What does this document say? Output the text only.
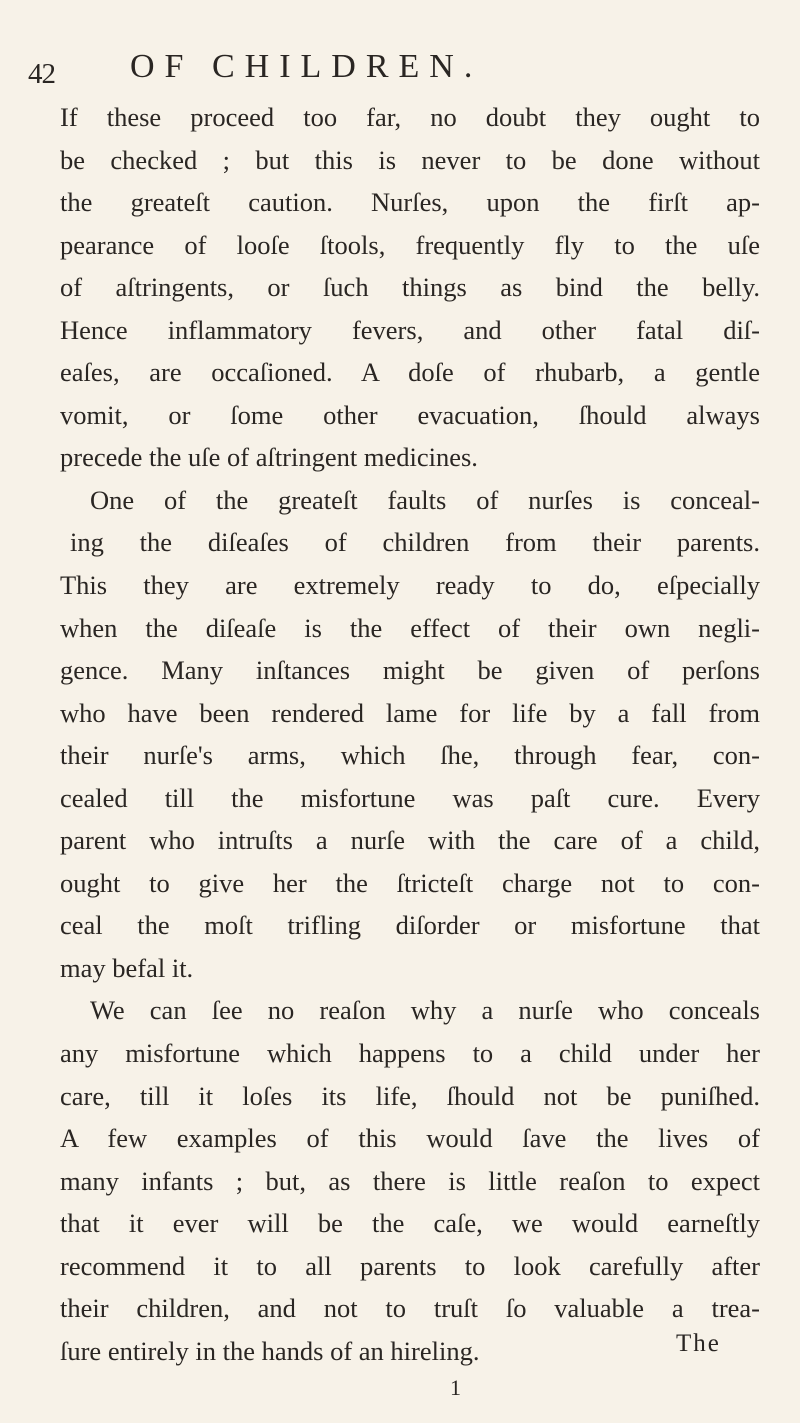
42 OF CHILDREN.
If these proceed too far, no doubt they ought to
be checked ; but this is never to be done without
the greateſt caution. Nurſes, upon the firſt ap-
pearance of looſe ſtools, frequently fly to the uſe
of aſtringents, or ſuch things as bind the belly.
Hence inflammatory fevers, and other fatal diſ-
eaſes, are occaſioned. A doſe of rhubarb, a gentle
vomit, or ſome other evacuation, ſhould always
precede the uſe of aſtringent medicines.
One of the greateſt faults of nurſes is conceal-
ing the diſeaſes of children from their parents.
This they are extremely ready to do, eſpecially
when the diſeaſe is the effect of their own negli-
gence. Many inſtances might be given of perſons
who have been rendered lame for life by a fall from
their nurſe's arms, which ſhe, through fear, con-
cealed till the misfortune was paſt cure. Every
parent who intruſts a nurſe with the care of a child,
ought to give her the ſtricteſt charge not to con-
ceal the moſt trifling diſorder or misfortune that
may befal it.
We can ſee no reaſon why a nurſe who conceals
any misfortune which happens to a child under her
care, till it loſes its life, ſhould not be puniſhed.
A few examples of this would ſave the lives of
many infants ; but, as there is little reaſon to expect
that it ever will be the caſe, we would earneſtly
recommend it to all parents to look carefully after
their children, and not to truſt ſo valuable a trea-
ſure entirely in the hands of an hireling.	The
1
